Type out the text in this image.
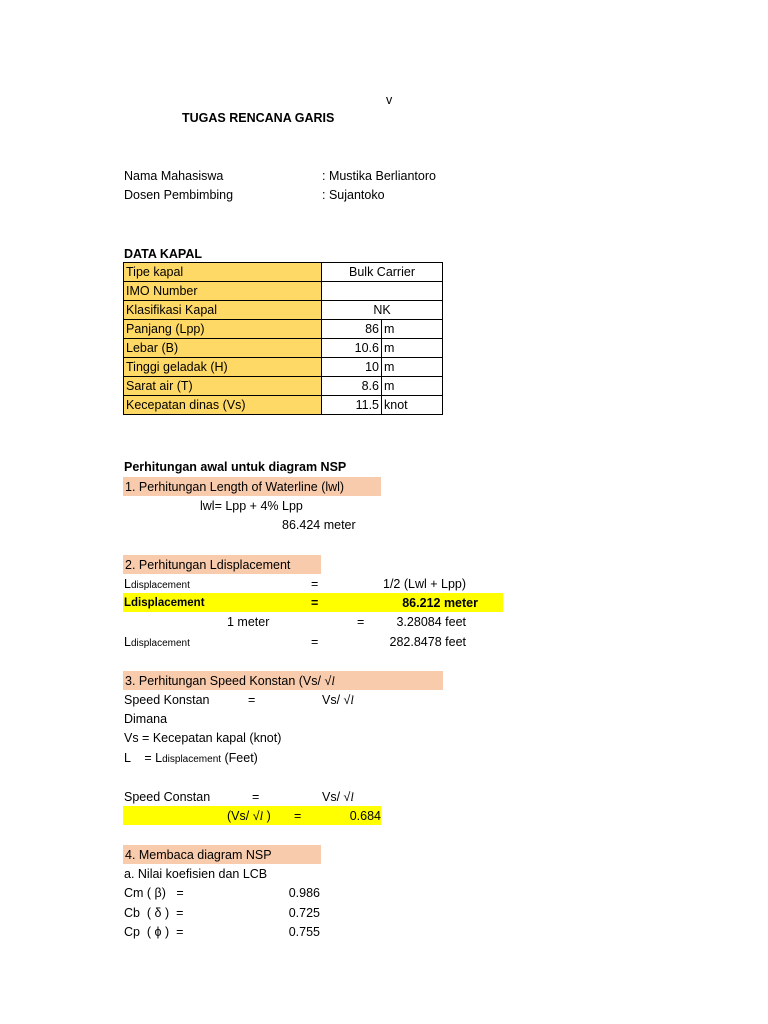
v
TUGAS RENCANA GARIS
Nama Mahasiswa	: Mustika Berliantoro
Dosen Pembimbing	: Sujantoko
DATA KAPAL
Tipe kapal	Bulk Carrier	
IMO Number		
Klasifikasi Kapal	NK	
Panjang (Lpp)	86	m
Lebar (B)	10.6	m
Tinggi geladak (H)	10	m
Sarat air (T)	8.6	m
Kecepatan dinas (Vs)	11.5	knot
Perhitungan awal untuk diagram NSP
1. Perhitungan Length of Waterline (lwl)
lwl= Lpp + 4% Lpp
86.424 meter
2. Perhitungan Ldisplacement
Ldisplacement	=	1/2 (Lwl + Lpp)
Ldisplacement	=	86.212 meter
1 meter	=	3.28084 feet
Ldisplacement	=	282.8478 feet
3. Perhitungan Speed Konstan (Vs/ √l
Speed Konstan	=	Vs/ √l
Dimana
Vs = Kecepatan kapal (knot)
L    = Ldisplacement (Feet)
Speed Constan	=	Vs/ √l
(Vs/ √l ) =	0.684
4. Membaca diagram NSP
a. Nilai koefisien dan LCB
Cm ( β)   =	0.986
Cb  ( δ )  =	0.725
Cp  ( ϕ )  =	0.755
